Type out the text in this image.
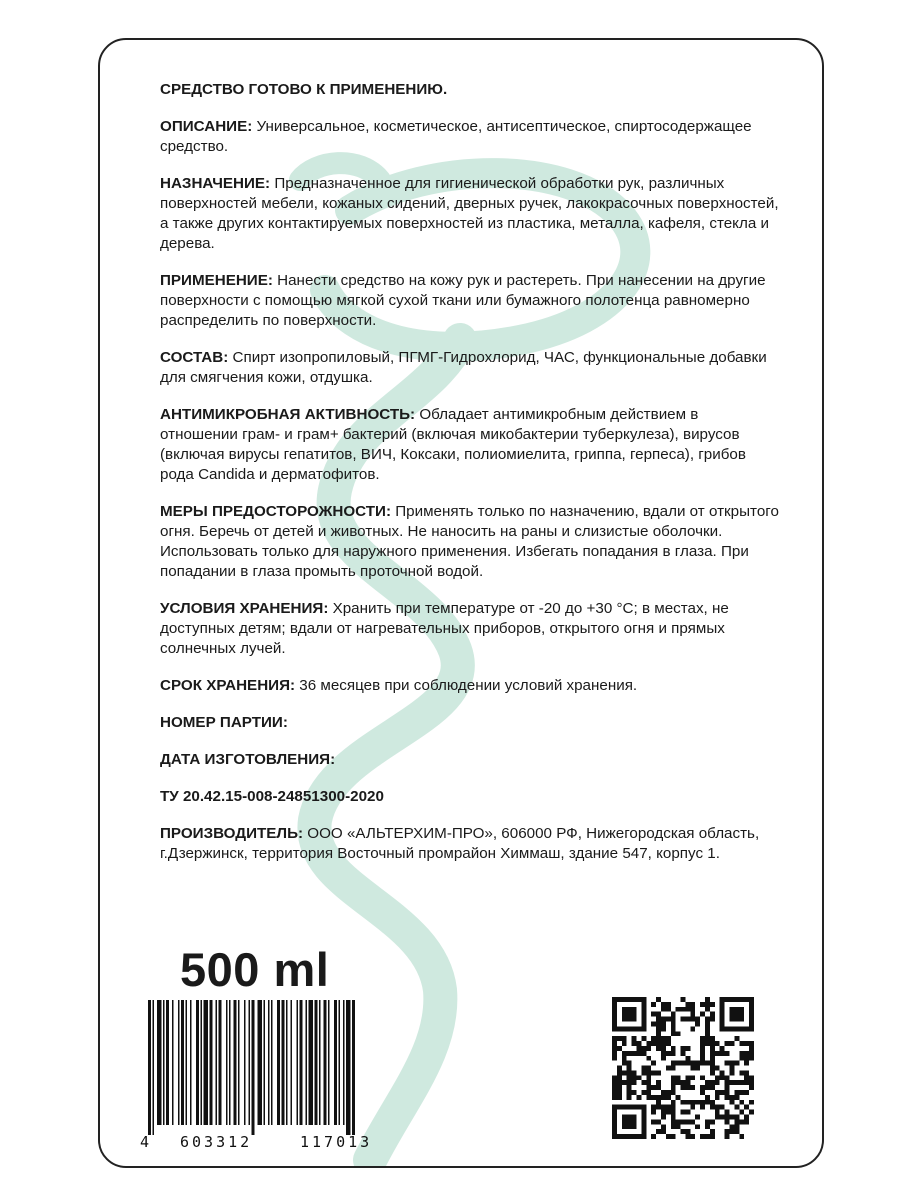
СРЕДСТВО ГОТОВО К ПРИМЕНЕНИЮ.

ОПИСАНИЕ: Универсальное, косметическое, антисептическое, спиртосодержащее средство.

НАЗНАЧЕНИЕ: Предназначенное для гигиенической обработки рук, различных поверхностей мебели, кожаных сидений, дверных ручек, лакокрасочных поверхностей, а также других контактируемых поверхностей из пластика, металла, кафеля, стекла и дерева.

ПРИМЕНЕНИЕ: Нанести средство на кожу рук и растереть. При нанесении на другие поверхности с помощью мягкой сухой ткани или бумажного полотенца равномерно распределить по поверхности.

СОСТАВ: Спирт изопропиловый, ПГМГ-Гидрохлорид, ЧАС, функциональные добавки для смягчения кожи, отдушка.

АНТИМИКРОБНАЯ АКТИВНОСТЬ: Обладает антимикробным действием в отношении грам- и грам+ бактерий (включая микобактерии туберкулеза), вирусов (включая вирусы гепатитов, ВИЧ, Коксаки, полиомиелита, гриппа, герпеса), грибов рода Candida и дерматофитов.

МЕРЫ ПРЕДОСТОРОЖНОСТИ: Применять только по назначению, вдали от открытого огня. Беречь от детей и животных. Не наносить на раны и слизистые оболочки. Использовать только для наружного применения. Избегать попадания в глаза. При попадании в глаза промыть проточной водой.

УСЛОВИЯ ХРАНЕНИЯ: Хранить при температуре от -20 до +30 °С; в местах, не доступных детям; вдали от нагревательных приборов, открытого огня и прямых солнечных лучей.

СРОК ХРАНЕНИЯ: 36 месяцев при соблюдении условий хранения.

НОМЕР ПАРТИИ:

ДАТА ИЗГОТОВЛЕНИЯ:

ТУ 20.42.15-008-24851300-2020

ПРОИЗВОДИТЕЛЬ: ООО «АЛЬТЕРХИМ-ПРО», 606000 РФ, Нижегородская область, г.Дзержинск, территория Восточный промрайон Химмаш, здание 547, корпус 1.

500 ml
4 603312	117013
